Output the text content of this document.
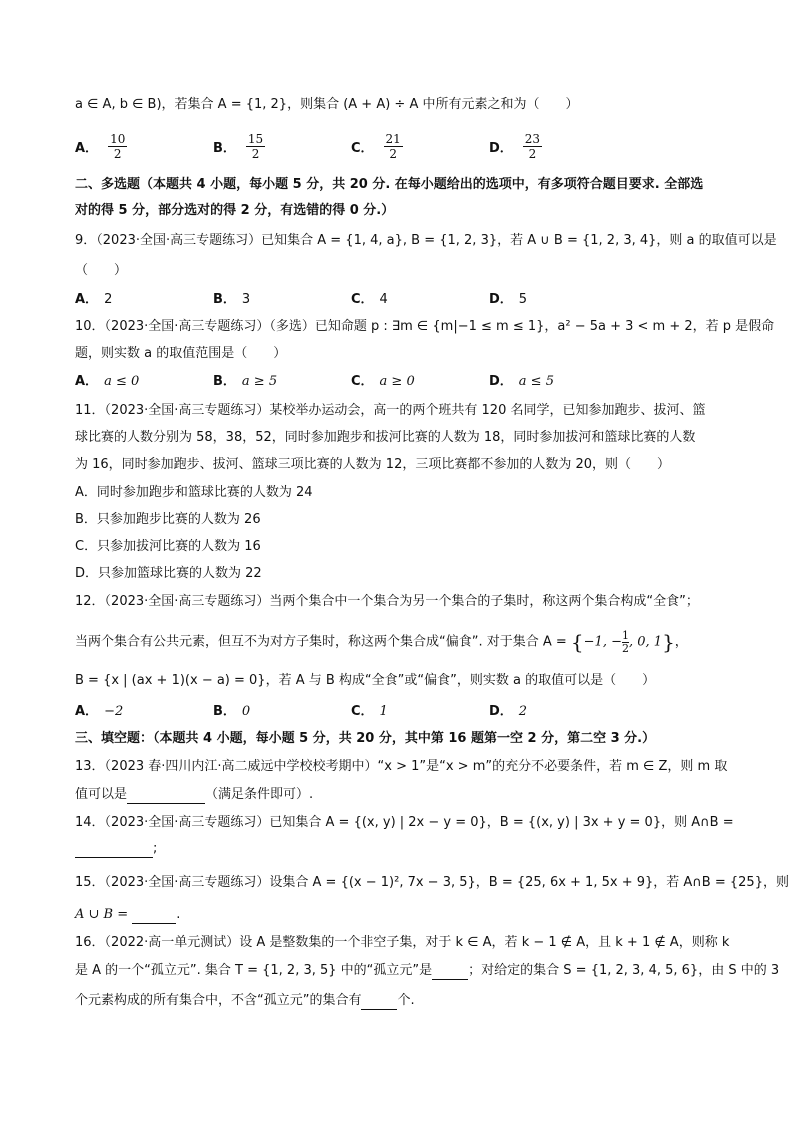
a ∈ A, b ∈ B)，若集合 A = {1, 2}，则集合 (A + A) ÷ A 中所有元素之和为（　　）
A． $\frac{10}{2}$	B． $\frac{15}{2}$	C． $\frac{21}{2}$	D． $\frac{23}{2}$
二、多选题（本题共 4 小题，每小题 5 分，共 20 分. 在每小题给出的选项中，有多项符合题目要求. 全部选
对的得 5 分，部分选对的得 2 分，有选错的得 0 分.）
9．（2023·全国·高三专题练习）已知集合 A = {1, 4, a}, B = {1, 2, 3}，若 A ∪ B = {1, 2, 3, 4}，则 a 的取值可以是
（　　）
A． 2	B． 3	C． 4	D． 5
10．（2023·全国·高三专题练习）（多选）已知命题 p : ∃m ∈ {m|−1 ≤ m ≤ 1}，a² − 5a + 3 < m + 2，若 p 是假命
题，则实数 a 的取值范围是（　　）
A． a ≤ 0	B． a ≥ 5	C． a ≥ 0	D． a ≤ 5
11．（2023·全国·高三专题练习）某校举办运动会，高一的两个班共有 120 名同学，已知参加跑步、拔河、篮
球比赛的人数分别为 58，38，52，同时参加跑步和拔河比赛的人数为 18，同时参加拔河和篮球比赛的人数
为 16，同时参加跑步、拔河、篮球三项比赛的人数为 12，三项比赛都不参加的人数为 20，则（　　）
A．同时参加跑步和篮球比赛的人数为 24
B．只参加跑步比赛的人数为 26
C．只参加拔河比赛的人数为 16
D．只参加篮球比赛的人数为 22
12．（2023·全国·高三专题练习）当两个集合中一个集合为另一个集合的子集时，称这两个集合构成“全食”；
当两个集合有公共元素，但互不为对方子集时，称这两个集合成“偏食”. 对于集合 A = {−1, − $\frac{1}{2}$ , 0, 1}，
B = {x | (ax + 1)(x − a) = 0}，若 A 与 B 构成“全食”或“偏食”，则实数 a 的取值可以是（　　）
A． −2	B． 0	C． 1	D． 2
三、填空题：（本题共 4 小题，每小题 5 分，共 20 分，其中第 16 题第一空 2 分，第二空 3 分.）
13．（2023 春·四川内江·高二威远中学校校考期中）“x > 1”是“x > m”的充分不必要条件，若 m ∈ Z，则 m 取
值可以是	（满足条件即可）.
14．（2023·全国·高三专题练习）已知集合 A = {(x, y) | 2x − y = 0}，B = {(x, y) | 3x + y = 0}，则 A∩B =
;
15．（2023·全国·高三专题练习）设集合 A = {(x − 1)², 7x − 3, 5}，B = {25, 6x + 1, 5x + 9}，若 A∩B = {25}，则
A ∪ B =	.
16．（2022·高一单元测试）设 A 是整数集的一个非空子集，对于 k ∈ A，若 k − 1 ∉ A，且 k + 1 ∉ A，则称 k
是 A 的一个“孤立元”. 集合 T = {1, 2, 3, 5} 中的“孤立元”是	；对给定的集合 S = {1, 2, 3, 4, 5, 6}，由 S 中的 3
个元素构成的所有集合中，不含“孤立元”的集合有	个.
